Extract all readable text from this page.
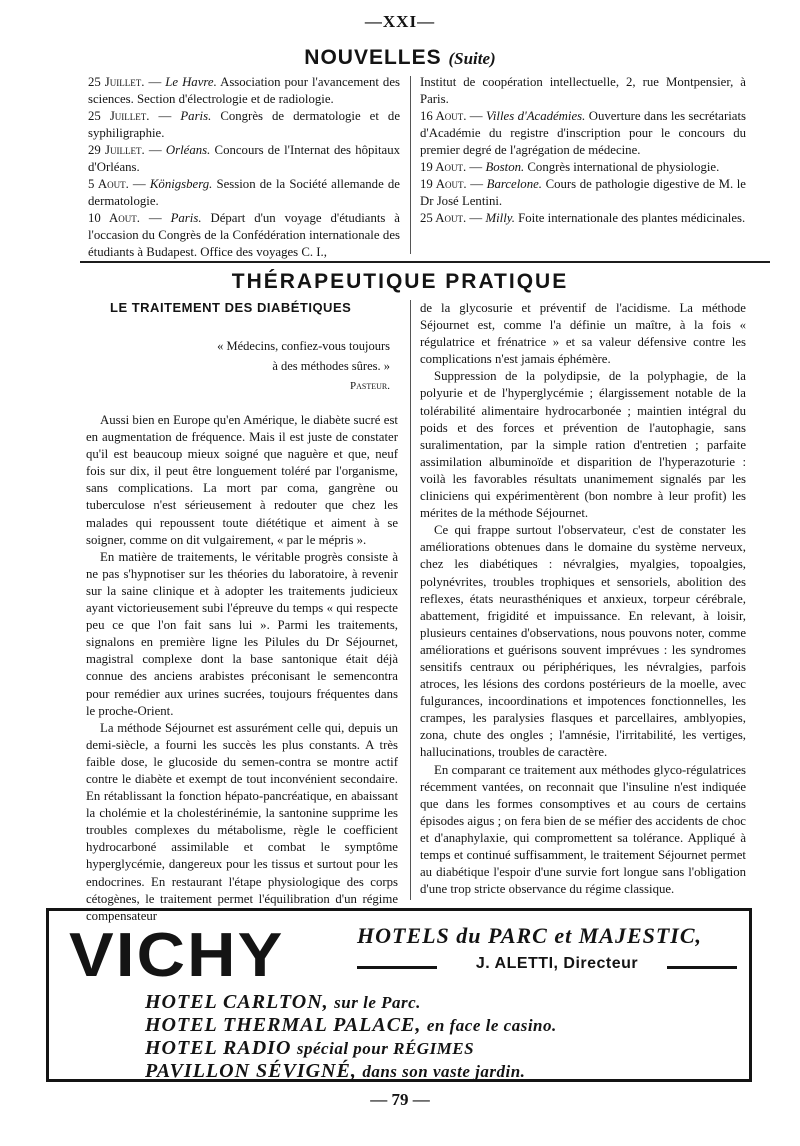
—XXI—
NOUVELLES (Suite)
25 Juillet. — Le Havre. Association pour l'avancement des sciences. Section d'électrologie et de radiologie.
25 Juillet. — Paris. Congrès de dermatologie et de syphiligraphie.
29 Juillet. — Orléans. Concours de l'Internat des hôpitaux d'Orléans.
5 Aout. — Königsberg. Session de la Société allemande de dermatologie.
10 Aout. — Paris. Départ d'un voyage d'étudiants à l'occasion du Congrès de la Confédération internationale des étudiants à Budapest. Office des voyages C. I.,
Institut de coopération intellectuelle, 2, rue Montpensier, à Paris.
16 Aout. — Villes d'Académies. Ouverture dans les secrétariats d'Académie du registre d'inscription pour le concours du premier degré de l'agrégation de médecine.
19 Aout. — Boston. Congrès international de physiologie.
19 Aout. — Barcelone. Cours de pathologie digestive de M. le Dr José Lentini.
25 Aout. — Milly. Foite internationale des plantes médicinales.
THÉRAPEUTIQUE PRATIQUE
LE TRAITEMENT DES DIABÉTIQUES
« Médecins, confiez-vous toujours
à des méthodes sûres. »
Pasteur.

Aussi bien en Europe qu'en Amérique, le diabète sucré est en augmentation de fréquence. Mais il est juste de constater qu'il est beaucoup mieux soigné que naguère et que, neuf fois sur dix, il peut être longuement toléré par l'organisme, sans complications. La mort par coma, gangrène ou tuberculose n'est sérieusement à redouter que chez les malades qui repoussent toute diététique et aiment à se soigner, comme on dit vulgairement, « par le mépris ».

En matière de traitements, le véritable progrès consiste à ne pas s'hypnotiser sur les théories du laboratoire, à revenir sur la saine clinique et à adopter les traitements judicieux ayant victorieusement subi l'épreuve du temps « qui respecte peu ce que l'on fait sans lui ». Parmi les traitements, signalons en première ligne les Pilules du Dr Séjournet, magistral complexe dont la base santonique était déjà connue des anciens arabistes préconisant le semencontra pour remédier aux urines sucrées, toujours fréquentes dans le proche-Orient.

La méthode Séjournet est assurément celle qui, depuis un demi-siècle, a fourni les succès les plus constants. A très faible dose, le glucoside du semen-contra se montre actif contre le diabète et exempt de tout inconvénient secondaire. En rétablissant la fonction hépato-pancréatique, en abaissant la cholémie et la cholestérinémie, la santonine supprime les troubles complexes du métabolisme, règle le coefficient hydrocarboné assimilable et combat le symptôme hyperglycémie, dangereux pour les tissus et surtout pour les endocrines. En restaurant l'étape physiologique des corps cétogènes, le traitement permet l'équilibration d'un régime compensateur

de la glycosurie et préventif de l'acidisme. La méthode Séjournet est, comme l'a définie un maître, à la fois « régulatrice et frénatrice » et sa valeur défensive contre les complications n'est jamais éphémère.

Suppression de la polydipsie, de la polyphagie, de la polyurie et de l'hyperglycémie ; élargissement notable de la tolérabilité alimentaire hydrocarbonée ; maintien intégral du poids et des forces et prévention de l'autophagie, sans suralimentation, par la simple ration d'entretien ; parfaite assimilation albuminoïde et disparition de l'hyperazoturie : voilà les favorables résultats unanimement signalés par les cliniciens qui expérimentèrent (bon nombre à leur profit) les mérites de la méthode Séjournet.

Ce qui frappe surtout l'observateur, c'est de constater les améliorations obtenues dans le domaine du système nerveux, chez les diabétiques : névralgies, myalgies, topoalgies, polynévrites, troubles trophiques et sensoriels, abolition des reflexes, états neurasthéniques et anxieux, torpeur cérébrale, abattement, frigidité et impuissance. En relevant, à loisir, plusieurs centaines d'observations, nous pouvons noter, comme améliorations et guérisons souvent imprévues : les syndromes sensitifs centraux ou périphériques, les névralgies, parfois atroces, les lésions des cordons postérieurs de la moelle, avec fulgurances, incoordinations et impotences fonctionnelles, les crampes, les paralysies flasques et parcellaires, amblyopies, zona, chute des ongles ; l'amnésie, l'irritabilité, les vertiges, hallucinations, troubles de caractère.

En comparant ce traitement aux méthodes glyco-régulatrices récemment vantées, on reconnait que l'insuline n'est indiquée que dans les formes consomptives et au cours de certains épisodes aigus ; on fera bien de se méfier des accidents de choc et d'anaphylaxie, qui compromettent sa tolérance. Appliqué à temps et continué suffisamment, le traitement Séjournet permet au diabétique l'espoir d'une survie fort longue sans l'obligation d'une trop stricte observance du régime classique.

VICHY	HOTELS du PARC et MAJESTIC,
J. ALETTI, Directeur
HOTEL CARLTON, sur le Parc.
HOTEL THERMAL PALACE, en face le casino.
HOTEL RADIO spécial pour RÉGIMES
PAVILLON SÉVIGNÉ, dans son vaste jardin.
— 79 —
